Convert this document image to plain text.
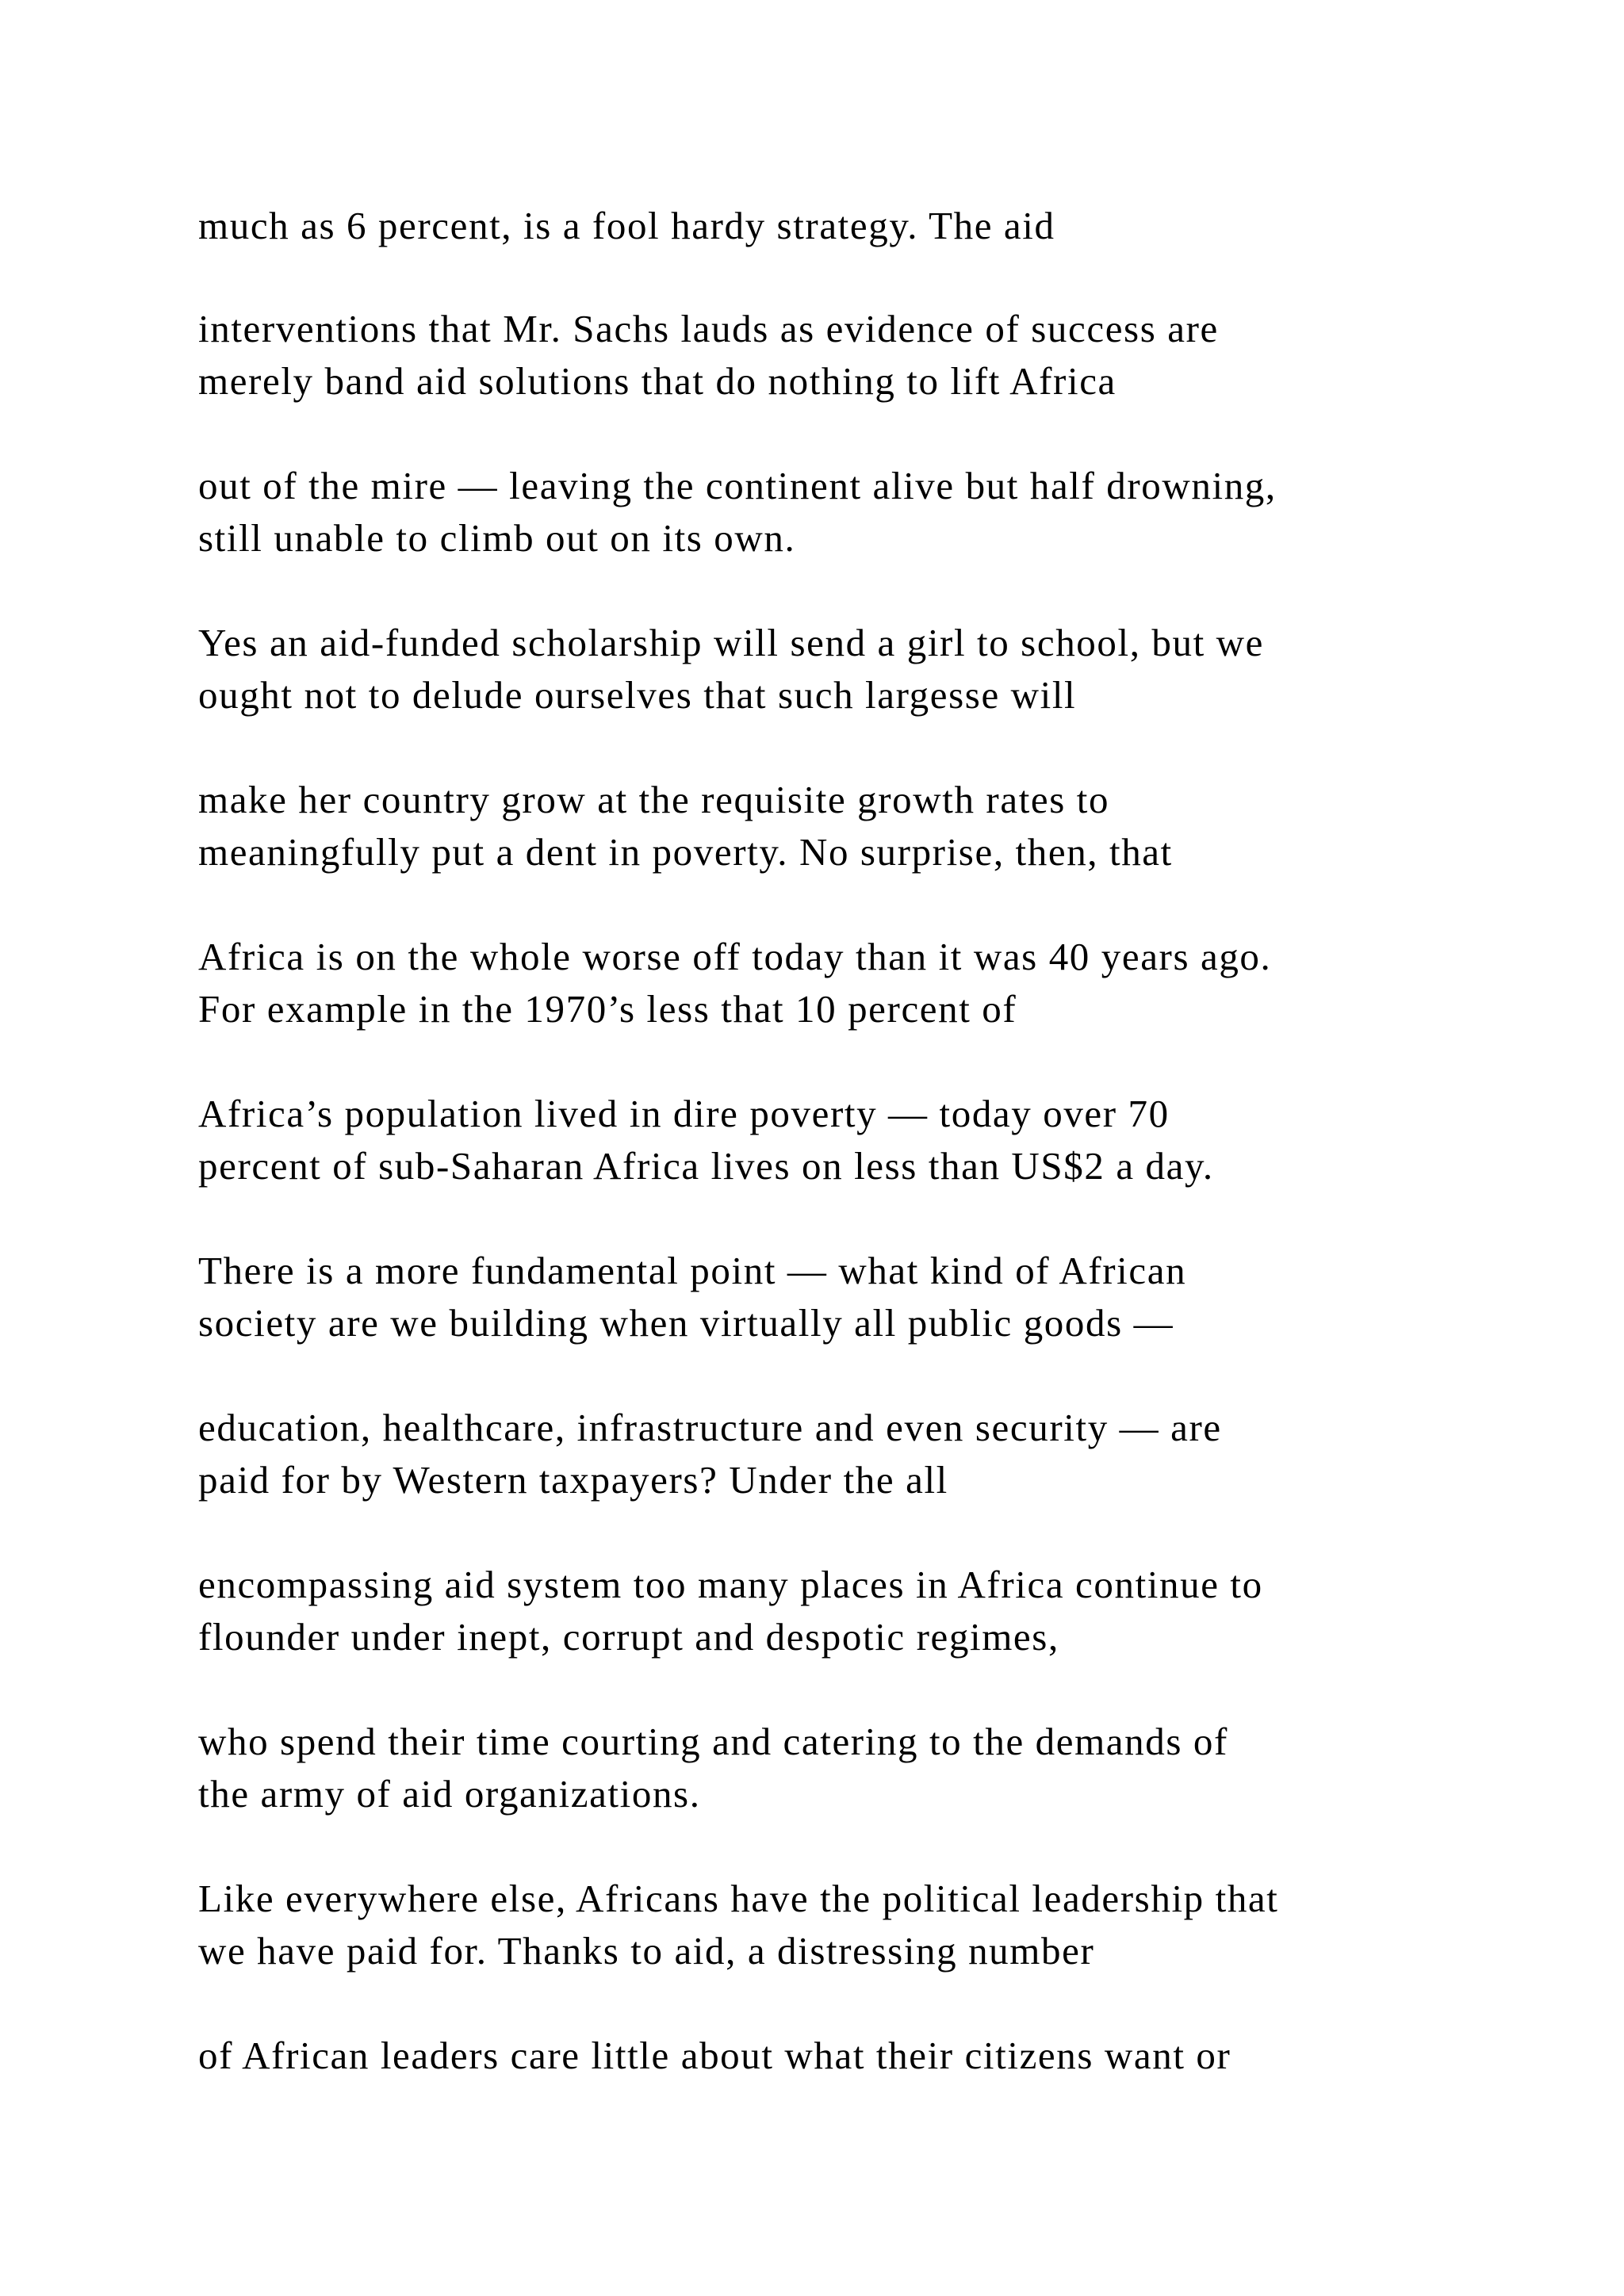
much as 6 percent, is a fool hardy strategy. The aid

interventions that Mr. Sachs lauds as evidence of success are
merely band aid solutions that do nothing to lift Africa

out of the mire — leaving the continent alive but half drowning,
still unable to climb out on its own.

Yes an aid-funded scholarship will send a girl to school, but we
ought not to delude ourselves that such largesse will

make her country grow at the requisite growth rates to
meaningfully put a dent in poverty. No surprise, then, that

Africa is on the whole worse off today than it was 40 years ago.
For example in the 1970’s less that 10 percent of

Africa’s population lived in dire poverty — today over 70
percent of sub-Saharan Africa lives on less than US$2 a day.

There is a more fundamental point — what kind of African
society are we building when virtually all public goods —

education, healthcare, infrastructure and even security — are
paid for by Western taxpayers? Under the all

encompassing aid system too many places in Africa continue to
flounder under inept, corrupt and despotic regimes,

who spend their time courting and catering to the demands of
the army of aid organizations.

Like everywhere else, Africans have the political leadership that
we have paid for. Thanks to aid, a distressing number

of African leaders care little about what their citizens want or
